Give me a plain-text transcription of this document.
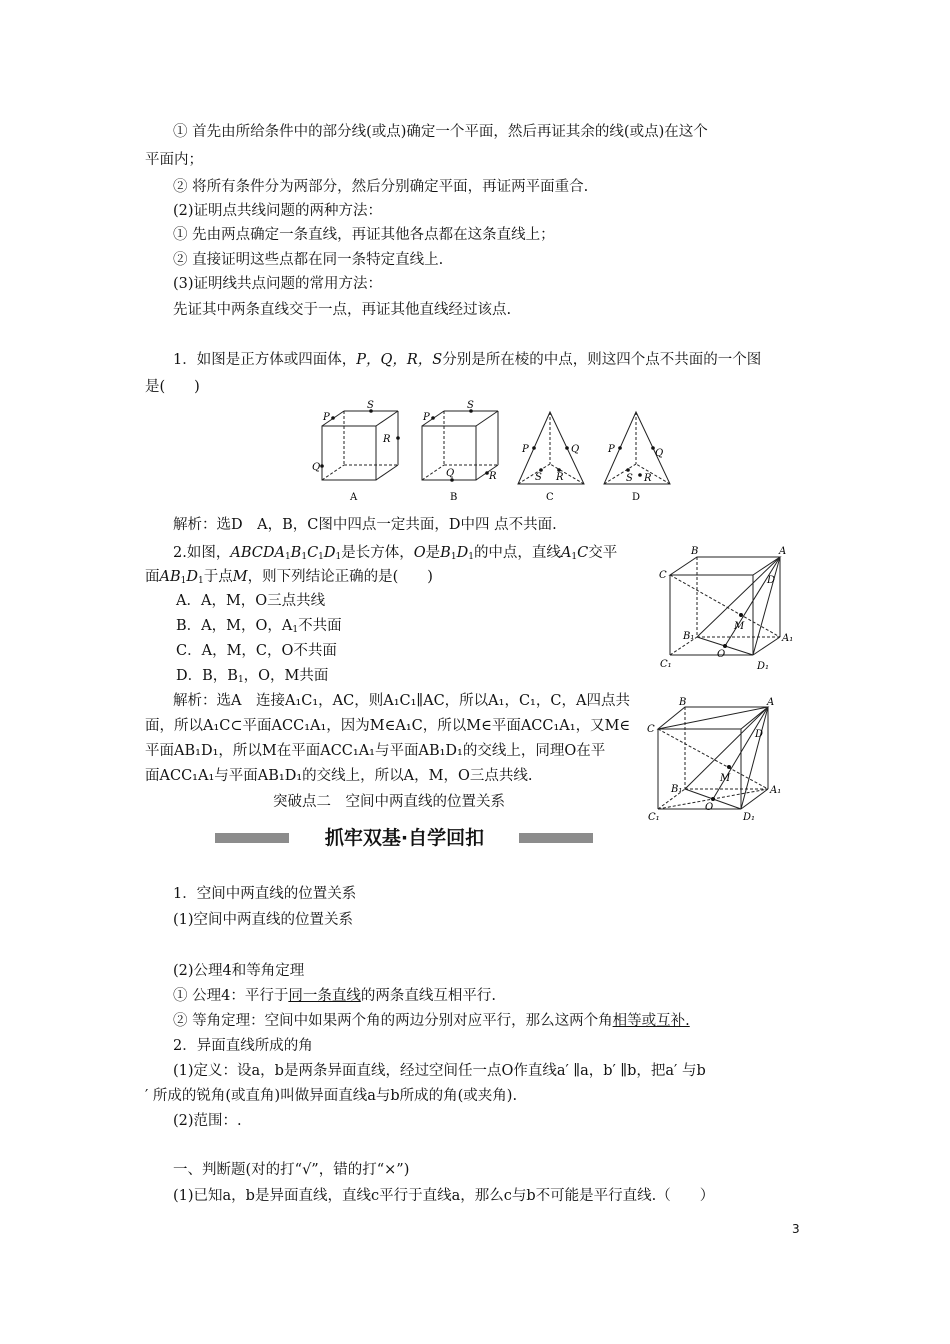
① 首先由所给条件中的部分线(或点)确定一个平面，然后再证其余的线(或点)在这个
平面内；
② 将所有条件分为两部分，然后分别确定平面，再证两平面重合.
(2)证明点共线问题的两种方法：
① 先由两点确定一条直线，再证其他各点都在这条直线上；
② 直接证明这些点都在同一条特定直线上.
(3)证明线共点问题的常用方法：
先证其中两条直线交于一点，再证其他直线经过该点.
1．如图是正方体或四面体，P，Q，R，S分别是所在棱的中点，则这四个点不共面的一个图
是(　　)
S
P
R
Q
A
S
P
R
Q
B
P	Q
S R
C
P	Q
S R
D
解析：选D　A，B，C图中四点一定共面，D中四 点不共面.
2.如图，$ABCDA_1B_1C_1D_1$是长方体，O是$B_1D_1$的中点，直线$A_1C$交平
面$AB_1D_1$于点M，则下列结论正确的是(　　)
A．A，M，O三点共线
B．A，M，O，$A_1$不共面
C．A，M，C，O不共面
D．B，$B_1$，O，M共面
解析：选A　连接A₁C₁，AC，则A₁C₁∥AC，所以A₁，C₁，C，A四点共
面，所以A₁C⊂平面ACC₁A₁，因为M∈A₁C，所以M∈平面ACC₁A₁，又M∈
平面AB₁D₁，所以M在平面ACC₁A₁与平面AB₁D₁的交线上，同理O在平
面ACC₁A₁与平面AB₁D₁的交线上，所以A，M，O三点共线.
B	A
C	D
B₁	A₁
C₁	D₁
M
O
B	A
C	D
B₁	A₁
C₁	D₁
M
O
突破点二　空间中两直线的位置关系
抓牢双基·自学回扣
1．空间中两直线的位置关系
(1)空间中两直线的位置关系
(2)公理4和等角定理
① 公理4：平行于同一条直线的两条直线互相平行.
② 等角定理：空间中如果两个角的两边分别对应平行，那么这两个角相等或互补.
2．异面直线所成的角
(1)定义：设a，b是两条异面直线，经过空间任一点O作直线a′ ∥a，b′ ∥b，把a′ 与b
′ 所成的锐角(或直角)叫做异面直线a与b所成的角(或夹角).
(2)范围：.
一、判断题(对的打“√”，错的打“×”)
(1)已知a，b是异面直线，直线c平行于直线a，那么c与b不可能是平行直线.（　　）
3
